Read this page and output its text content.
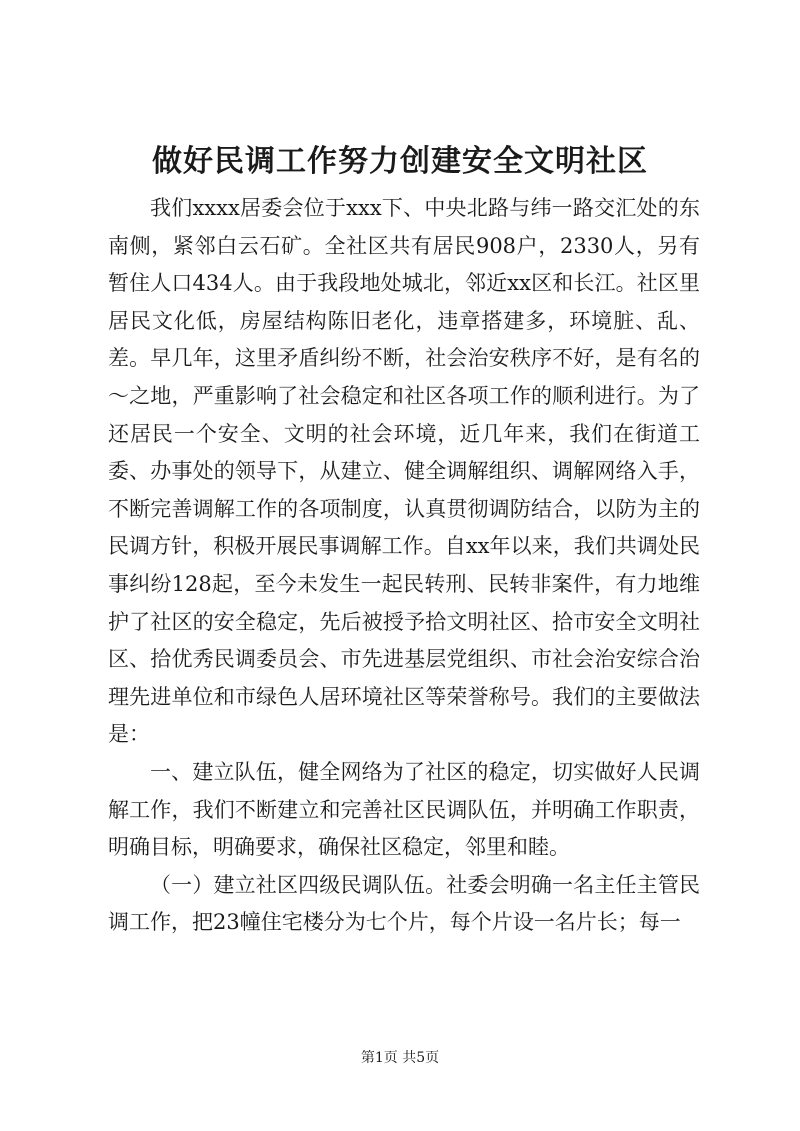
做好民调工作努力创建安全文明社区

我们xxxx居委会位于xxx下、中央北路与纬一路交汇处的东南侧，紧邻白云石矿。全社区共有居民908户，2330人，另有暂住人口434人。由于我段地处城北，邻近xx区和长江。社区里居民文化低，房屋结构陈旧老化，违章搭建多，环境脏、乱、差。早几年，这里矛盾纠纷不断，社会治安秩序不好，是有名的～之地，严重影响了社会稳定和社区各项工作的顺利进行。为了还居民一个安全、文明的社会环境，近几年来，我们在街道工委、办事处的领导下，从建立、健全调解组织、调解网络入手，不断完善调解工作的各项制度，认真贯彻调防结合，以防为主的民调方针，积极开展民事调解工作。自xx年以来，我们共调处民事纠纷128起，至今未发生一起民转刑、民转非案件，有力地维护了社区的安全稳定，先后被授予拾文明社区、拾市安全文明社区、拾优秀民调委员会、市先进基层党组织、市社会治安综合治理先进单位和市绿色人居环境社区等荣誉称号。我们的主要做法是：

一、建立队伍，健全网络为了社区的稳定，切实做好人民调解工作，我们不断建立和完善社区民调队伍，并明确工作职责，明确目标，明确要求，确保社区稳定，邻里和睦。

（一）建立社区四级民调队伍。社委会明确一名主任主管民调工作，把23幢住宅楼分为七个片，每个片设一名片长；每一

第1页 共5页
